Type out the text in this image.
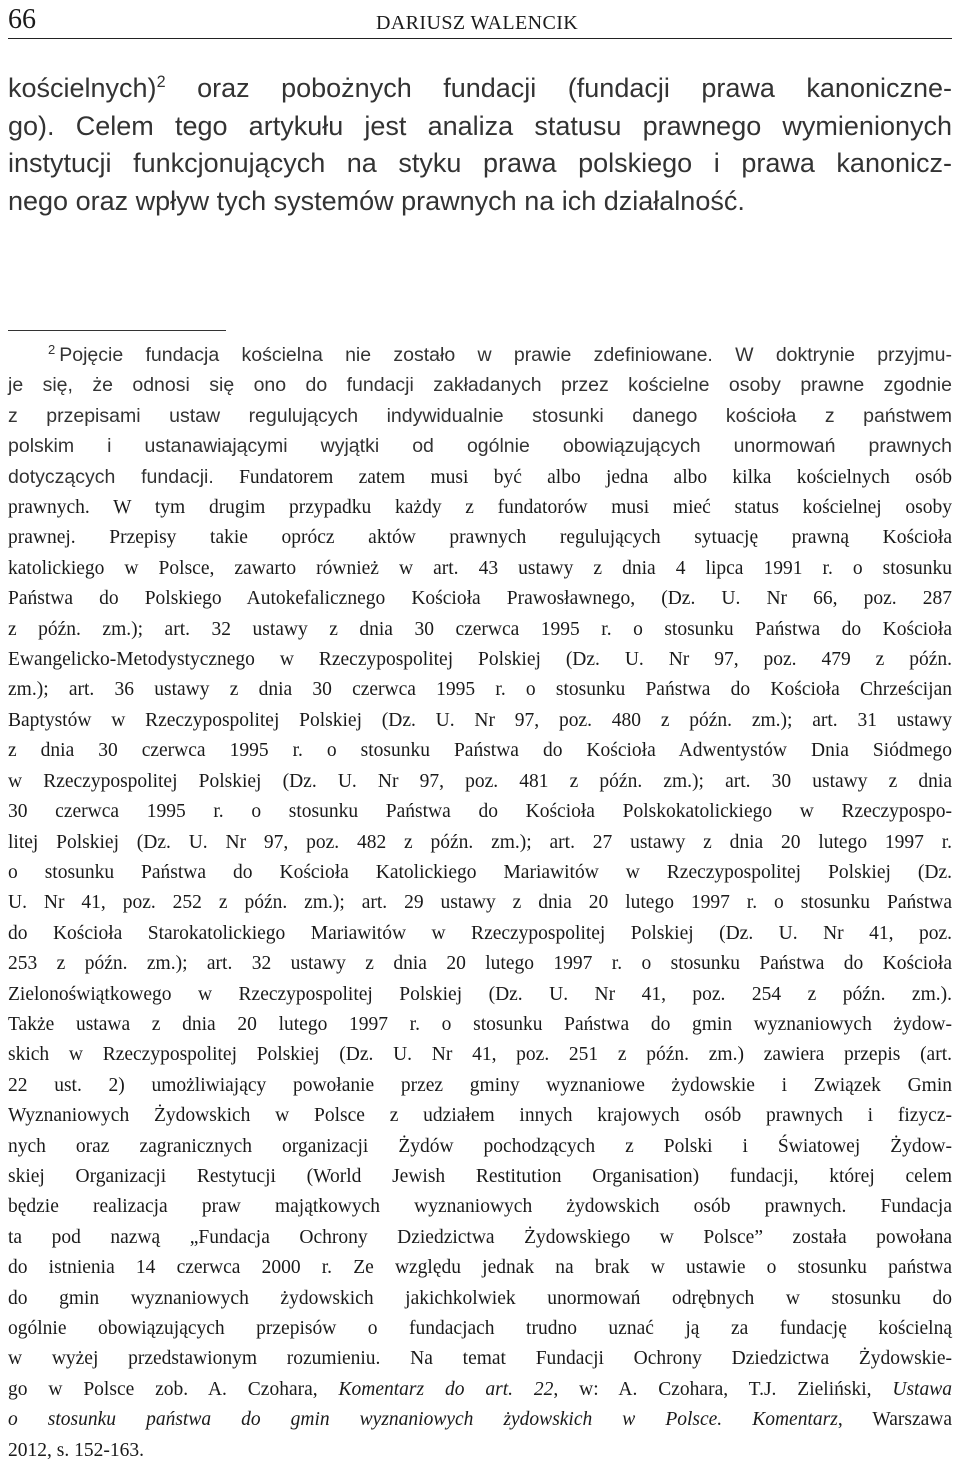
66	DARIUSZ WALENCIK

kościelnych)$^2$ oraz pobożnych fundacji (fundacji prawa kanoniczne-
go). Celem tego artykułu jest analiza statusu prawnego wymienionych
instytucji funkcjonujących na styku prawa polskiego i prawa kanonicz-
nego oraz wpływ tych systemów prawnych na ich działalność.

$^2$ Pojęcie fundacja kościelna nie zostało w prawie zdefiniowane. W doktrynie przyjmu-
je się, że odnosi się ono do fundacji zakładanych przez kościelne osoby prawne zgodnie
z przepisami ustaw regulujących indywidualnie stosunki danego kościoła z państwem
polskim i ustanawiającymi wyjątki od ogólnie obowiązujących unormowań prawnych
dotyczących fundacji. Fundatorem zatem musi być albo jedna albo kilka kościelnych osób
prawnych. W tym drugim przypadku każdy z fundatorów musi mieć status kościelnej osoby
prawnej. Przepisy takie oprócz aktów prawnych regulujących sytuację prawną Kościoła
katolickiego w Polsce, zawarto również w art. 43 ustawy z dnia 4 lipca 1991 r. o stosunku
Państwa do Polskiego Autokefalicznego Kościoła Prawosławnego, (Dz. U. Nr 66, poz. 287
z późn. zm.); art. 32 ustawy z dnia 30 czerwca 1995 r. o stosunku Państwa do Kościoła
Ewangelicko-Metodystycznego w Rzeczypospolitej Polskiej (Dz. U. Nr 97, poz. 479 z późn.
zm.); art. 36 ustawy z dnia 30 czerwca 1995 r. o stosunku Państwa do Kościoła Chrześcijan
Baptystów w Rzeczypospolitej Polskiej (Dz. U. Nr 97, poz. 480 z późn. zm.); art. 31 ustawy
z dnia 30 czerwca 1995 r. o stosunku Państwa do Kościoła Adwentystów Dnia Siódmego
w Rzeczypospolitej Polskiej (Dz. U. Nr 97, poz. 481 z późn. zm.); art. 30 ustawy z dnia
30 czerwca 1995 r. o stosunku Państwa do Kościoła Polskokatolickiego w Rzeczypospo-
litej Polskiej (Dz. U. Nr 97, poz. 482 z późn. zm.); art. 27 ustawy z dnia 20 lutego 1997 r.
o stosunku Państwa do Kościoła Katolickiego Mariawitów w Rzeczypospolitej Polskiej (Dz.
U. Nr 41, poz. 252 z późn. zm.); art. 29 ustawy z dnia 20 lutego 1997 r. o stosunku Państwa
do Kościoła Starokatolickiego Mariawitów w Rzeczypospolitej Polskiej (Dz. U. Nr 41, poz.
253 z późn. zm.); art. 32 ustawy z dnia 20 lutego 1997 r. o stosunku Państwa do Kościoła
Zielonoświątkowego w Rzeczypospolitej Polskiej (Dz. U. Nr 41, poz. 254 z późn. zm.).
Także ustawa z dnia 20 lutego 1997 r. o stosunku Państwa do gmin wyznaniowych żydow-
skich w Rzeczypospolitej Polskiej (Dz. U. Nr 41, poz. 251 z późn. zm.) zawiera przepis (art.
22 ust. 2) umożliwiający powołanie przez gminy wyznaniowe żydowskie i Związek Gmin
Wyznaniowych Żydowskich w Polsce z udziałem innych krajowych osób prawnych i fizycz-
nych oraz zagranicznych organizacji Żydów pochodzących z Polski i Światowej Żydow-
skiej Organizacji Restytucji (World Jewish Restitution Organisation) fundacji, której celem
będzie realizacja praw majątkowych wyznaniowych żydowskich osób prawnych. Fundacja
ta pod nazwą „Fundacja Ochrony Dziedzictwa Żydowskiego w Polsce” została powołana
do istnienia 14 czerwca 2000 r. Ze względu jednak na brak w ustawie o stosunku państwa
do gmin wyznaniowych żydowskich jakichkolwiek unormowań odrębnych w stosunku do
ogólnie obowiązujących przepisów o fundacjach trudno uznać ją za fundację kościelną
w wyżej przedstawionym rozumieniu. Na temat Fundacji Ochrony Dziedzictwa Żydowskie-
go w Polsce zob. A. Czohara, Komentarz do art. 22, w: A. Czohara, T.J. Zieliński, Ustawa
o stosunku państwa do gmin wyznaniowych żydowskich w Polsce. Komentarz, Warszawa
2012, s. 152-163.
